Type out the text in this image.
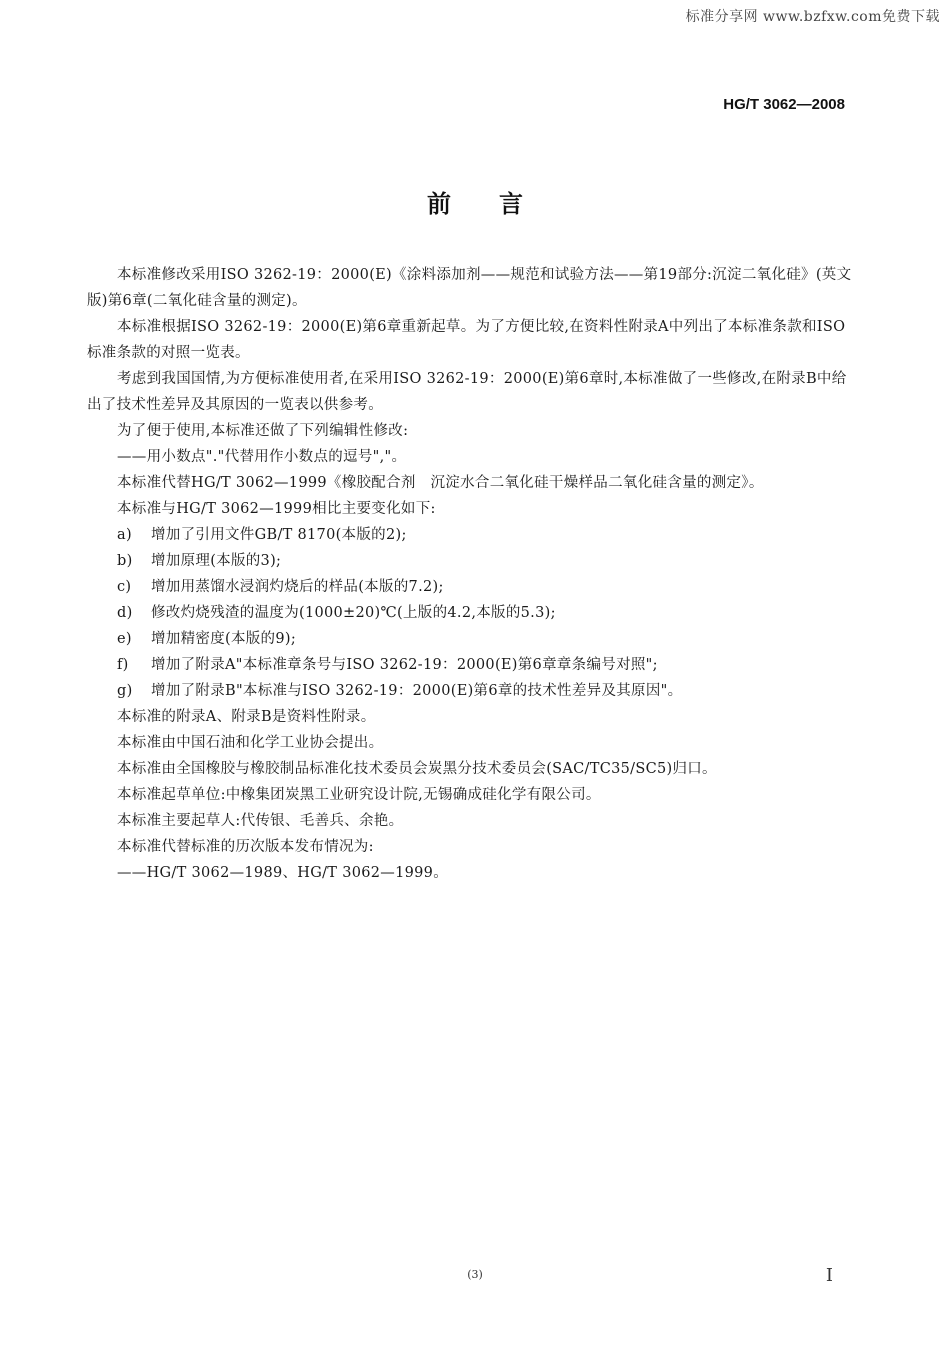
标准分享网 www.bzfxw.com免费下载
HG/T 3062—2008
前言

本标准修改采用ISO 3262-19：2000(E)《涂料添加剂——规范和试验方法——第19部分:沉淀二氧化硅》(英文版)第6章(二氧化硅含量的测定)。

本标准根据ISO 3262-19：2000(E)第6章重新起草。为了方便比较,在资料性附录A中列出了本标准条款和ISO标准条款的对照一览表。

考虑到我国国情,为方便标准使用者,在采用ISO 3262-19：2000(E)第6章时,本标准做了一些修改,在附录B中给出了技术性差异及其原因的一览表以供参考。

为了便于使用,本标准还做了下列编辑性修改:

——用小数点"."代替用作小数点的逗号","。

本标准代替HG/T 3062—1999《橡胶配合剂　沉淀水合二氧化硅干燥样品二氧化硅含量的测定》。

本标准与HG/T 3062—1999相比主要变化如下:

a) 增加了引用文件GB/T 8170(本版的2);

b) 增加原理(本版的3);

c) 增加用蒸馏水浸润灼烧后的样品(本版的7.2);

d) 修改灼烧残渣的温度为(1000±20)℃(上版的4.2,本版的5.3);

e) 增加精密度(本版的9);

f) 增加了附录A"本标准章条号与ISO 3262-19：2000(E)第6章章条编号对照";

g) 增加了附录B"本标准与ISO 3262-19：2000(E)第6章的技术性差异及其原因"。

本标准的附录A、附录B是资料性附录。

本标准由中国石油和化学工业协会提出。

本标准由全国橡胶与橡胶制品标准化技术委员会炭黑分技术委员会(SAC/TC35/SC5)归口。

本标准起草单位:中橡集团炭黑工业研究设计院,无锡确成硅化学有限公司。

本标准主要起草人:代传银、毛善兵、余艳。

本标准代替标准的历次版本发布情况为:

——HG/T 3062—1989、HG/T 3062—1999。

(3)	I
